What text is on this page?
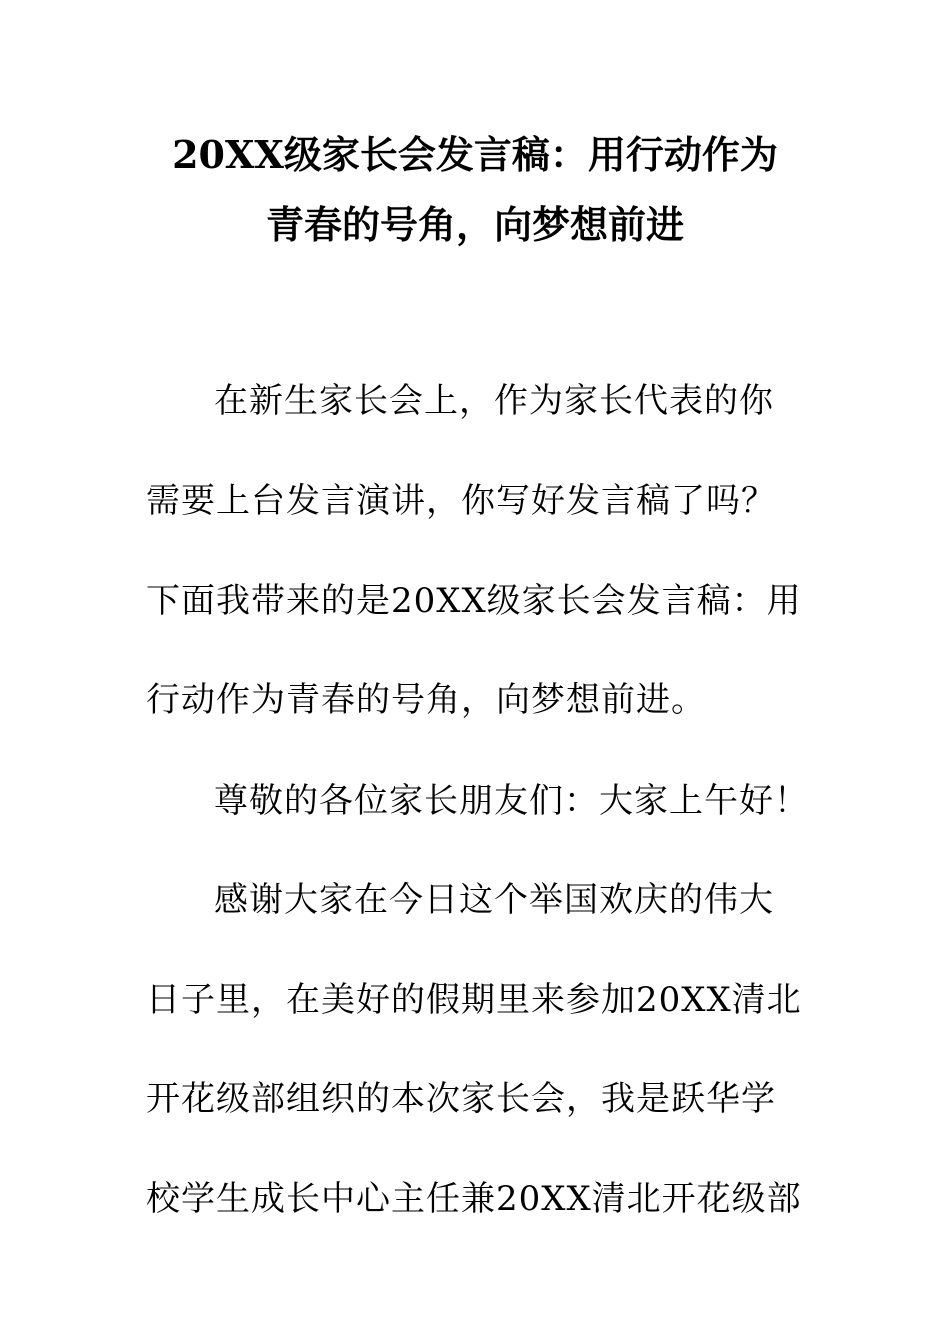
20XX级家长会发言稿：用行动作为
青春的号角，向梦想前进
在新生家长会上，作为家长代表的你
需要上台发言演讲，你写好发言稿了吗？
下面我带来的是20XX级家长会发言稿：用
行动作为青春的号角，向梦想前进。
尊敬的各位家长朋友们：大家上午好！
感谢大家在今日这个举国欢庆的伟大
日子里，在美好的假期里来参加20XX清北
开花级部组织的本次家长会，我是跃华学
校学生成长中心主任兼20XX清北开花级部
